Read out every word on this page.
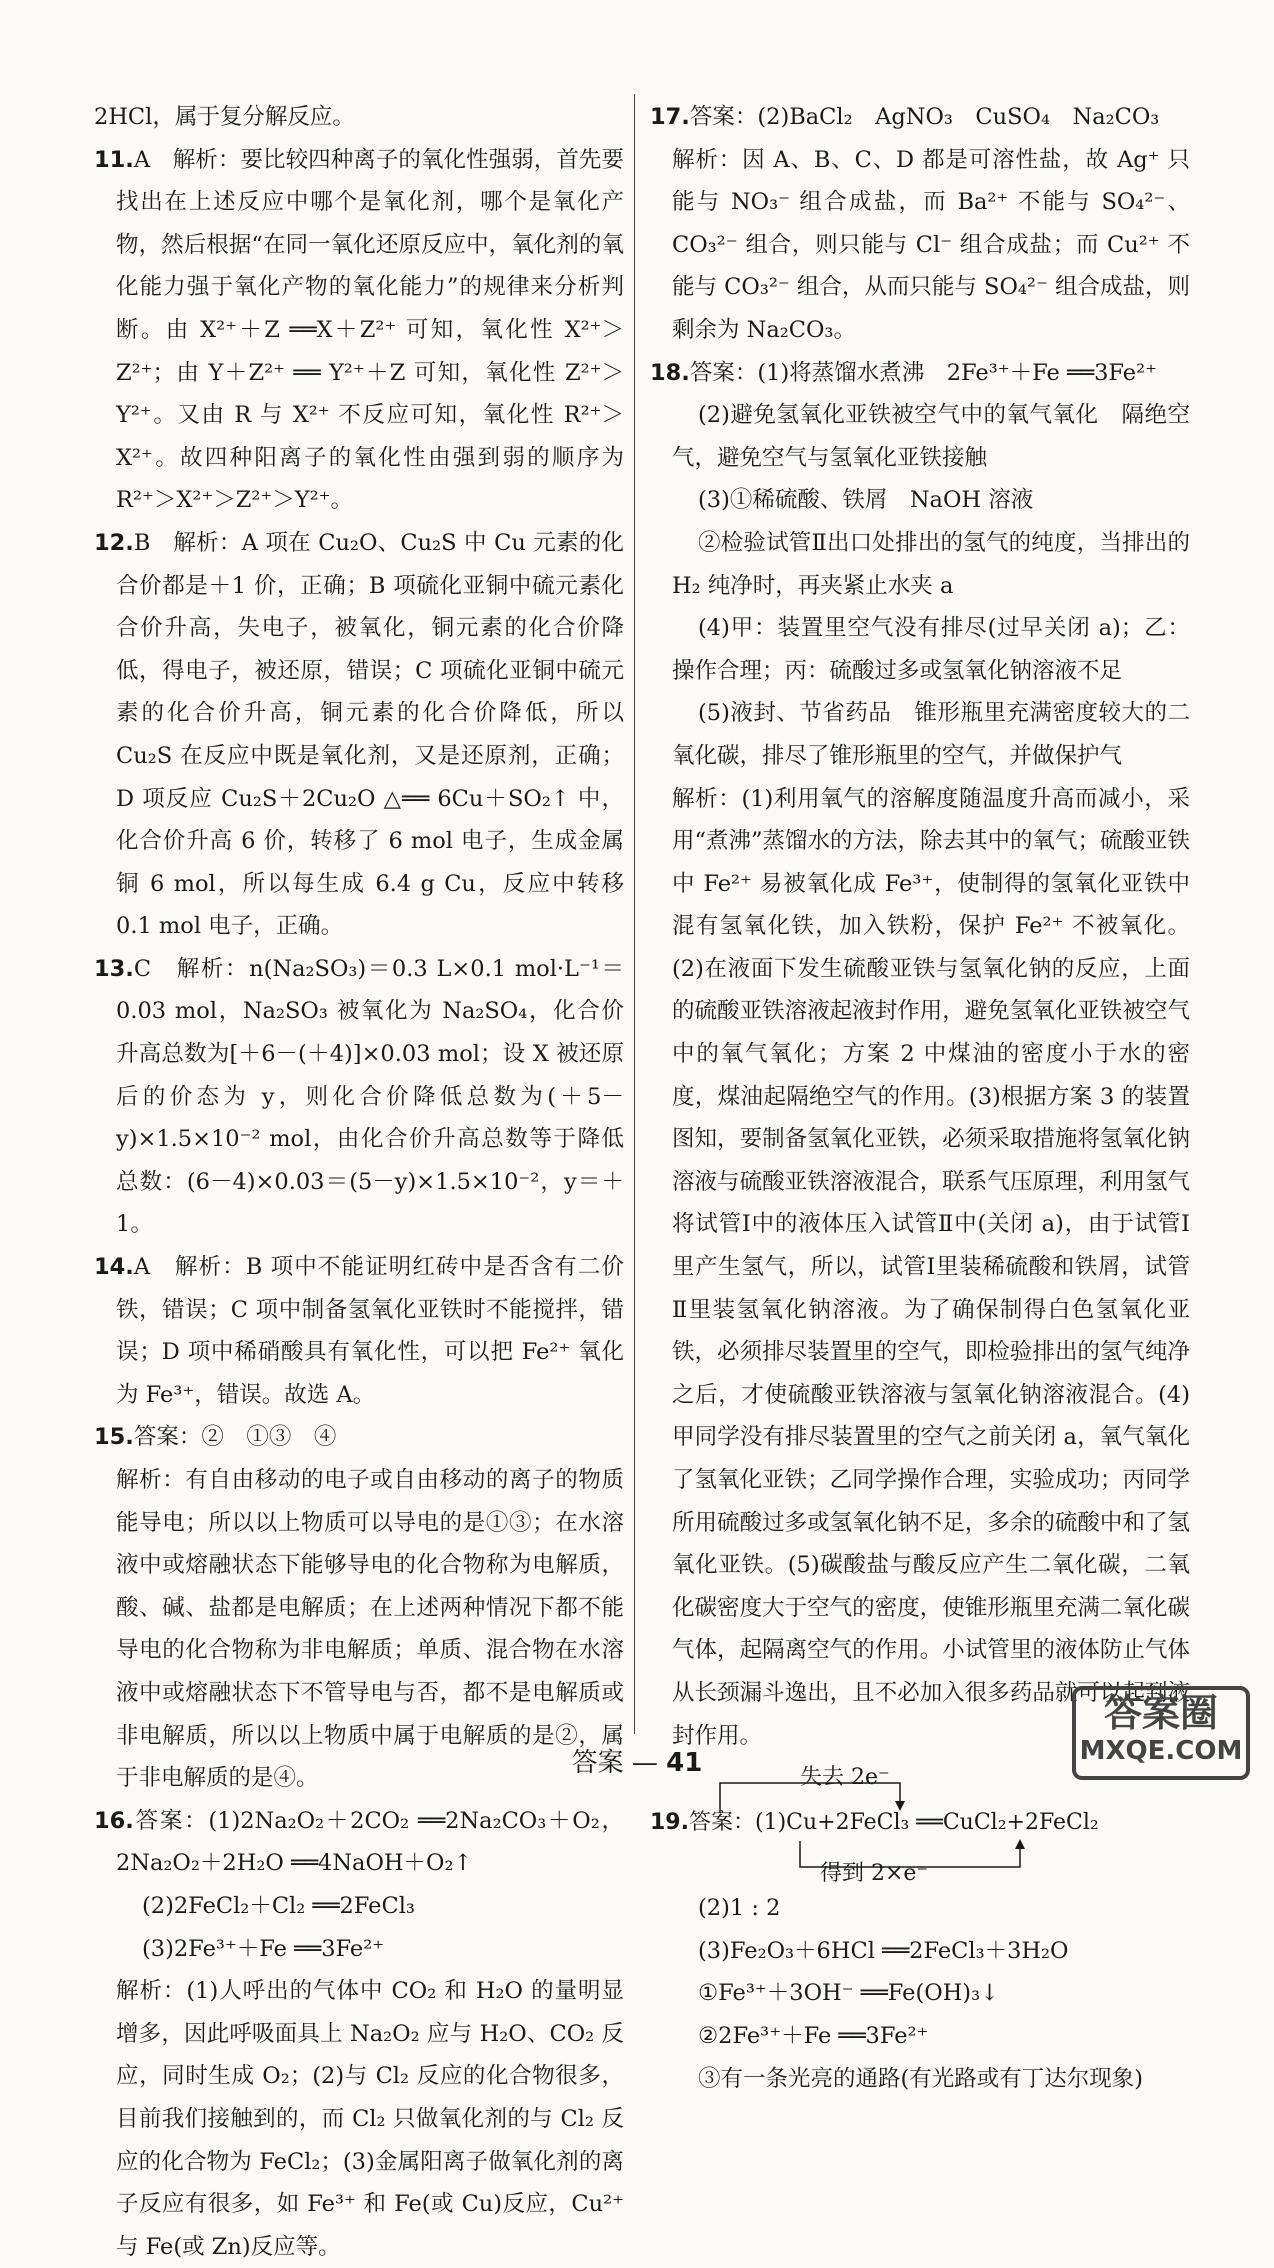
2HCl，属于复分解反应。
11.A　解析：要比较四种离子的氧化性强弱，首先要找出在上述反应中哪个是氧化剂，哪个是氧化产物，然后根据“在同一氧化还原反应中，氧化剂的氧化能力强于氧化产物的氧化能力”的规律来分析判断。由 X²⁺＋Z ══X＋Z²⁺ 可知，氧化性 X²⁺＞Z²⁺；由 Y＋Z²⁺ ══ Y²⁺＋Z 可知，氧化性 Z²⁺＞Y²⁺。又由 R 与 X²⁺ 不反应可知，氧化性 R²⁺＞X²⁺。故四种阳离子的氧化性由强到弱的顺序为 R²⁺＞X²⁺＞Z²⁺＞Y²⁺。
12.B　解析：A 项在 Cu₂O、Cu₂S 中 Cu 元素的化合价都是＋1 价，正确；B 项硫化亚铜中硫元素化合价升高，失电子，被氧化，铜元素的化合价降低，得电子，被还原，错误；C 项硫化亚铜中硫元素的化合价升高，铜元素的化合价降低，所以 Cu₂S 在反应中既是氧化剂，又是还原剂，正确；D 项反应 Cu₂S＋2Cu₂O △══ 6Cu＋SO₂↑ 中，化合价升高 6 价，转移了 6 mol 电子，生成金属铜 6 mol，所以每生成 6.4 g Cu，反应中转移 0.1 mol 电子，正确。
13.C　解析：n(Na₂SO₃)＝0.3 L×0.1 mol·L⁻¹＝0.03 mol，Na₂SO₃ 被氧化为 Na₂SO₄，化合价升高总数为[＋6－(＋4)]×0.03 mol；设 X 被还原后的价态为 y，则化合价降低总数为(＋5－y)×1.5×10⁻² mol，由化合价升高总数等于降低总数：(6－4)×0.03＝(5－y)×1.5×10⁻²，y＝＋1。
14.A　解析：B 项中不能证明红砖中是否含有二价铁，错误；C 项中制备氢氧化亚铁时不能搅拌，错误；D 项中稀硝酸具有氧化性，可以把 Fe²⁺ 氧化为 Fe³⁺，错误。故选 A。
15.答案：②　①③　④
解析：有自由移动的电子或自由移动的离子的物质能导电；所以以上物质可以导电的是①③；在水溶液中或熔融状态下能够导电的化合物称为电解质，酸、碱、盐都是电解质；在上述两种情况下都不能导电的化合物称为非电解质；单质、混合物在水溶液中或熔融状态下不管导电与否，都不是电解质或非电解质，所以以上物质中属于电解质的是②，属于非电解质的是④。
16.答案：(1)2Na₂O₂＋2CO₂ ══2Na₂CO₃＋O₂，2Na₂O₂＋2H₂O ══4NaOH＋O₂↑
(2)2FeCl₂＋Cl₂ ══2FeCl₃
(3)2Fe³⁺＋Fe ══3Fe²⁺
解析：(1)人呼出的气体中 CO₂ 和 H₂O 的量明显增多，因此呼吸面具上 Na₂O₂ 应与 H₂O、CO₂ 反应，同时生成 O₂；(2)与 Cl₂ 反应的化合物很多，目前我们接触到的，而 Cl₂ 只做氧化剂的与 Cl₂ 反应的化合物为 FeCl₂；(3)金属阳离子做氧化剂的离子反应有很多，如 Fe³⁺ 和 Fe(或 Cu)反应，Cu²⁺ 与 Fe(或 Zn)反应等。
17.答案：(2)BaCl₂　AgNO₃　CuSO₄　Na₂CO₃
解析：因 A、B、C、D 都是可溶性盐，故 Ag⁺ 只能与 NO₃⁻ 组合成盐，而 Ba²⁺ 不能与 SO₄²⁻、CO₃²⁻ 组合，则只能与 Cl⁻ 组合成盐；而 Cu²⁺ 不能与 CO₃²⁻ 组合，从而只能与 SO₄²⁻ 组合成盐，则剩余为 Na₂CO₃。
18.答案：(1)将蒸馏水煮沸　2Fe³⁺＋Fe ══3Fe²⁺
(2)避免氢氧化亚铁被空气中的氧气氧化　隔绝空气，避免空气与氢氧化亚铁接触
(3)①稀硫酸、铁屑　NaOH 溶液
②检验试管Ⅱ出口处排出的氢气的纯度，当排出的 H₂ 纯净时，再夹紧止水夹 a
(4)甲：装置里空气没有排尽(过早关闭 a)；乙：操作合理；丙：硫酸过多或氢氧化钠溶液不足
(5)液封、节省药品　锥形瓶里充满密度较大的二氧化碳，排尽了锥形瓶里的空气，并做保护气
解析：(1)利用氧气的溶解度随温度升高而减小，采用“煮沸”蒸馏水的方法，除去其中的氧气；硫酸亚铁中 Fe²⁺ 易被氧化成 Fe³⁺，使制得的氢氧化亚铁中混有氢氧化铁，加入铁粉，保护 Fe²⁺ 不被氧化。(2)在液面下发生硫酸亚铁与氢氧化钠的反应，上面的硫酸亚铁溶液起液封作用，避免氢氧化亚铁被空气中的氧气氧化；方案 2 中煤油的密度小于水的密度，煤油起隔绝空气的作用。(3)根据方案 3 的装置图知，要制备氢氧化亚铁，必须采取措施将氢氧化钠溶液与硫酸亚铁溶液混合，联系气压原理，利用氢气将试管Ⅰ中的液体压入试管Ⅱ中(关闭 a)，由于试管Ⅰ里产生氢气，所以，试管Ⅰ里装稀硫酸和铁屑，试管Ⅱ里装氢氧化钠溶液。为了确保制得白色氢氧化亚铁，必须排尽装置里的空气，即检验排出的氢气纯净之后，才使硫酸亚铁溶液与氢氧化钠溶液混合。(4)甲同学没有排尽装置里的空气之前关闭 a，氧气氧化了氢氧化亚铁；乙同学操作合理，实验成功；丙同学所用硫酸过多或氢氧化钠不足，多余的硫酸中和了氢氧化亚铁。(5)碳酸盐与酸反应产生二氧化碳，二氧化碳密度大于空气的密度，使锥形瓶里充满二氧化碳气体，起隔离空气的作用。小试管里的液体防止气体从长颈漏斗逸出，且不必加入很多药品就可以起到液封作用。
失去 2e⁻
19.答案：(1)Cu+2FeCl₃ ══CuCl₂+2FeCl₂
得到 2×e⁻
(2)1 : 2
(3)Fe₂O₃＋6HCl ══2FeCl₃＋3H₂O
①Fe³⁺＋3OH⁻ ══Fe(OH)₃↓
②2Fe³⁺＋Fe ══3Fe²⁺
③有一条光亮的通路(有光路或有丁达尔现象)
答案 — 41
答案圈
MXQE.COM
